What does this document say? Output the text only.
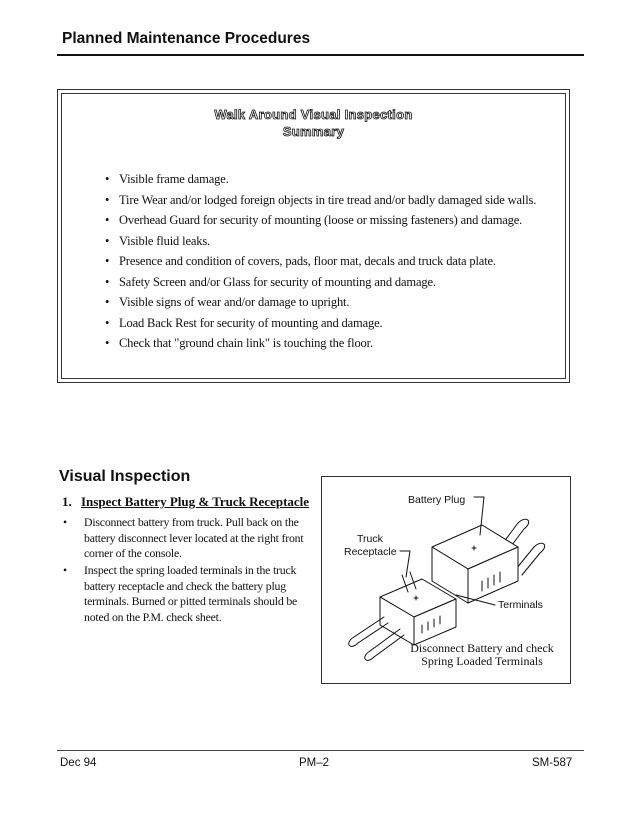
Planned Maintenance Procedures
Walk Around Visual Inspection
Summary
• Visible frame damage.
• Tire Wear and/or lodged foreign objects in tire tread and/or badly damaged side walls.
• Overhead Guard for security of mounting (loose or missing fasteners) and damage.
• Visible fluid leaks.
• Presence and condition of covers, pads, floor mat, decals and truck data plate.
• Safety Screen and/or Glass for security of mounting and damage.
• Visible signs of wear and/or damage to upright.
• Load Back Rest for security of mounting and damage.
• Check that "ground chain link" is touching the floor.
Visual Inspection
1. Inspect Battery Plug & Truck Receptacle
• Disconnect battery from truck. Pull back on the battery disconnect lever located at the right front corner of the console.
• Inspect the spring loaded terminals in the truck battery receptacle and check the battery plug terminals. Burned or pitted terminals should be noted on the P.M. check sheet.
Battery Plug
Truck
Receptacle
Terminals
Disconnect Battery and check
Spring Loaded Terminals
Dec 94	PM–2	SM-587
